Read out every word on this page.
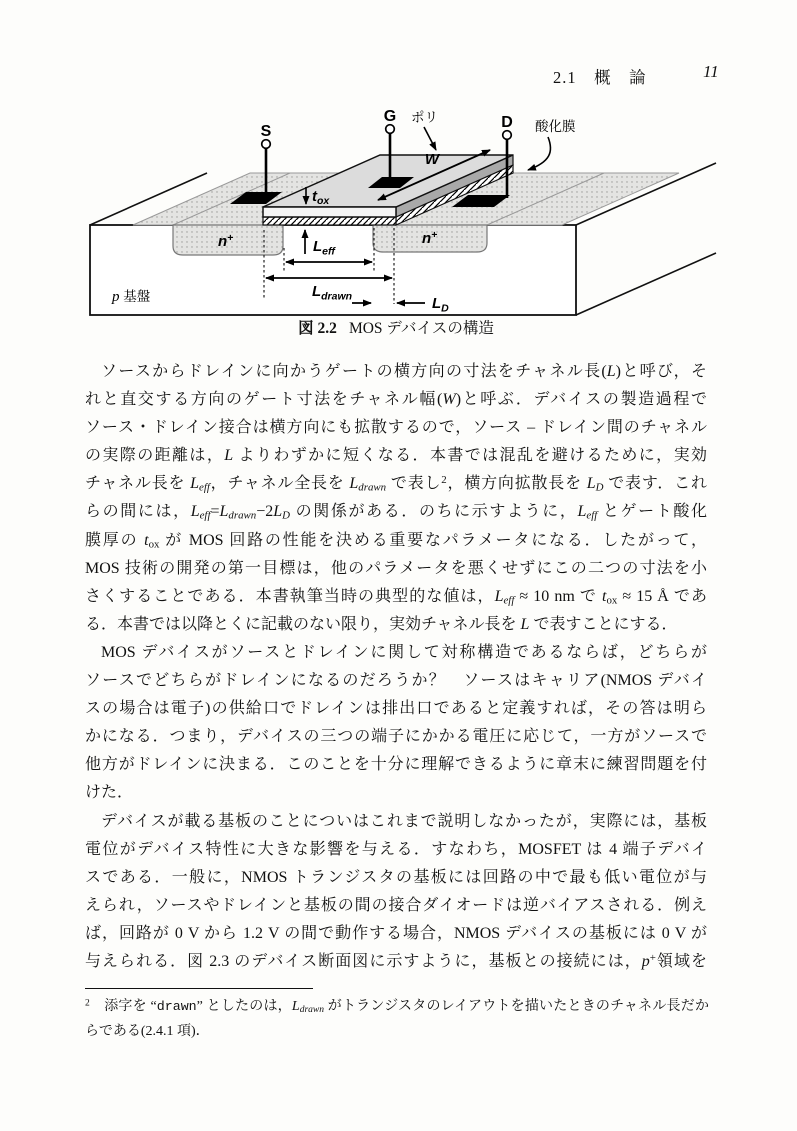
2.1　概　論	11
S
G	D
ポリ
酸化膜
W
$t_{ox}$
$L_{eff}$
$L_{drawn}$	$L_D$
n+	n+
p 基盤
図 2.2 MOS デバイスの構造
ソースからドレインに向かうゲートの横方向の寸法をチャネル長(L)と呼び，そ
れと直交する方向のゲート寸法をチャネル幅(W)と呼ぶ．デバイスの製造過程で
ソース・ドレイン接合は横方向にも拡散するので，ソース – ドレイン間のチャネル
の実際の距離は，L よりわずかに短くなる．本書では混乱を避けるために，実効
チャネル長を Leff，チャネル全長を Ldrawn で表し$^2$，横方向拡散長を LD で表す．これ
らの間には，Leff=Ldrawn−2LD の関係がある．のちに示すように，Leff とゲート酸化
膜厚の tox が MOS 回路の性能を決める重要なパラメータになる．したがって，
MOS 技術の開発の第一目標は，他のパラメータを悪くせずにこの二つの寸法を小
さくすることである．本書執筆当時の典型的な値は，Leff ≈ 10 nm で tox ≈ 15 Å であ
る．本書では以降とくに記載のない限り，実効チャネル長を L で表すことにする．
MOS デバイスがソースとドレインに関して対称構造であるならば，どちらが
ソースでどちらがドレインになるのだろうか？　ソースはキャリア(NMOS デバイ
スの場合は電子)の供給口でドレインは排出口であると定義すれば，その答は明ら
かになる．つまり，デバイスの三つの端子にかかる電圧に応じて，一方がソースで
他方がドレインに決まる．このことを十分に理解できるように章末に練習問題を付
けた．
デバイスが載る基板のことについはこれまで説明しなかったが，実際には，基板
電位がデバイス特性に大きな影響を与える．すなわち，MOSFET は 4 端子デバイ
スである．一般に，NMOS トランジスタの基板には回路の中で最も低い電位が与
えられ，ソースやドレインと基板の間の接合ダイオードは逆バイアスされる．例え
ば，回路が 0 V から 1.2 V の間で動作する場合，NMOS デバイスの基板には 0 V が
与えられる．図 2.3 のデバイス断面図に示すように，基板との接続には，p+領域を
$^2$　添字を “drawn” としたのは，Ldrawn がトランジスタのレイアウトを描いたときのチャネル長だか
らである(2.4.1 項)．
